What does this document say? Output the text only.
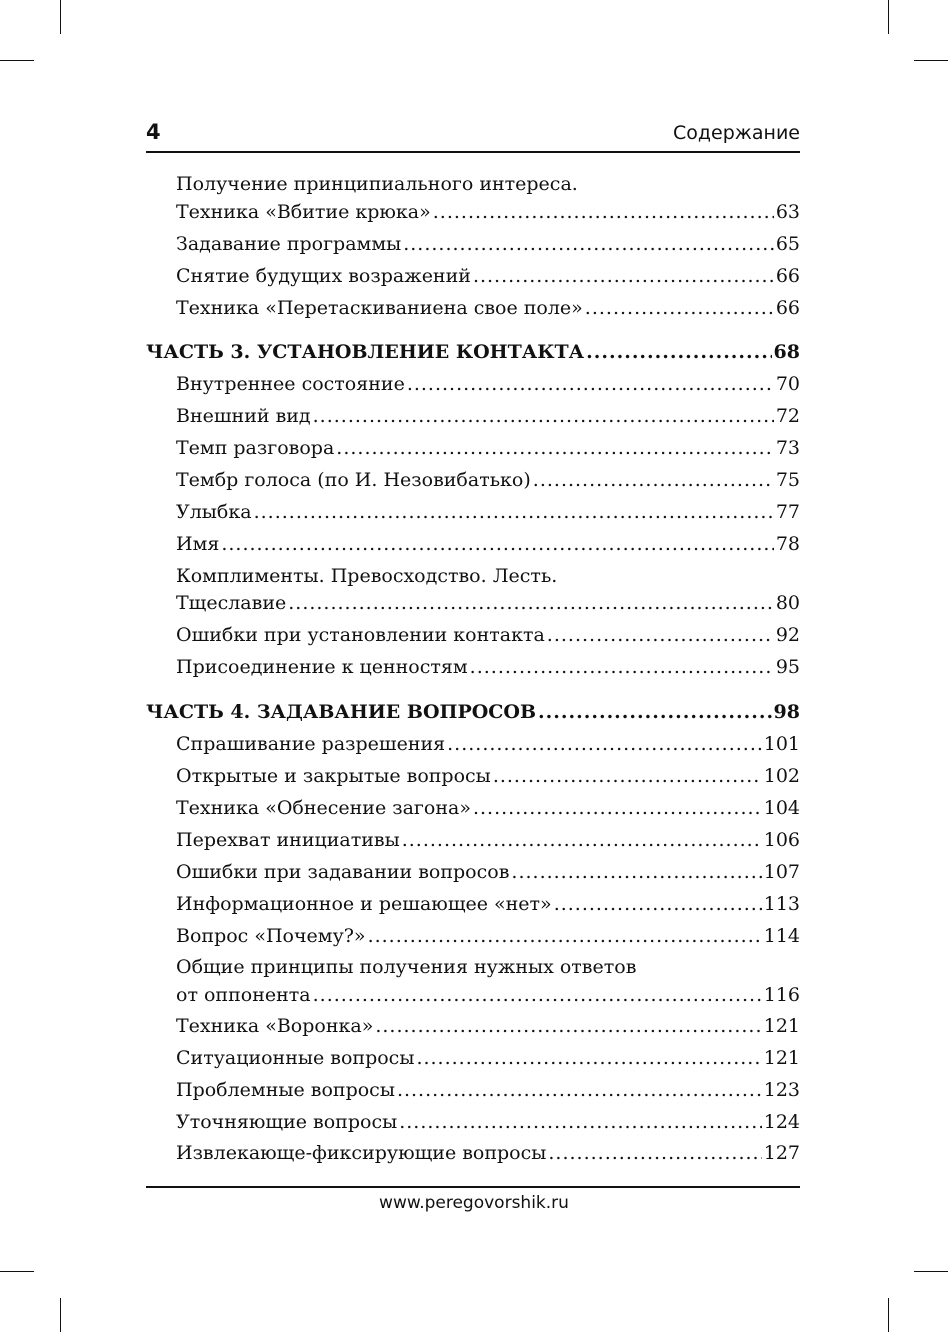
4	Содержание
Получение принципиального интереса.
Техника «Вбитие крюка» .....	63
Задавание программы .....	65
Снятие будущих возражений .....	66
Техника «Перетаскиваниена свое поле» .....	66
ЧАСТЬ 3. УСТАНОВЛЕНИЕ КОНТАКТА .....	68
Внутреннее состояние .....	70
Внешний вид .....	72
Темп разговора .....	73
Тембр голоса (по И. Незовибатько) .....	75
Улыбка .....	77
Имя .....	78
Комплименты. Превосходство. Лесть.
Тщеславие .....	80
Ошибки при установлении контакта .....	92
Присоединение к ценностям .....	95
ЧАСТЬ 4. ЗАДАВАНИЕ ВОПРОСОВ .....	98
Спрашивание разрешения .....	101
Открытые и закрытые вопросы .....	102
Техника «Обнесение загона» .....	104
Перехват инициативы .....	106
Ошибки при задавании вопросов .....	107
Информационное и решающее «нет» .....	113
Вопрос «Почему?» .....	114
Общие принципы получения нужных ответов
от оппонента .....	116
Техника «Воронка» .....	121
Ситуационные вопросы .....	121
Проблемные вопросы .....	123
Уточняющие вопросы .....	124
Извлекающе-фиксирующие вопросы .....	127
www.peregovorshik.ru
